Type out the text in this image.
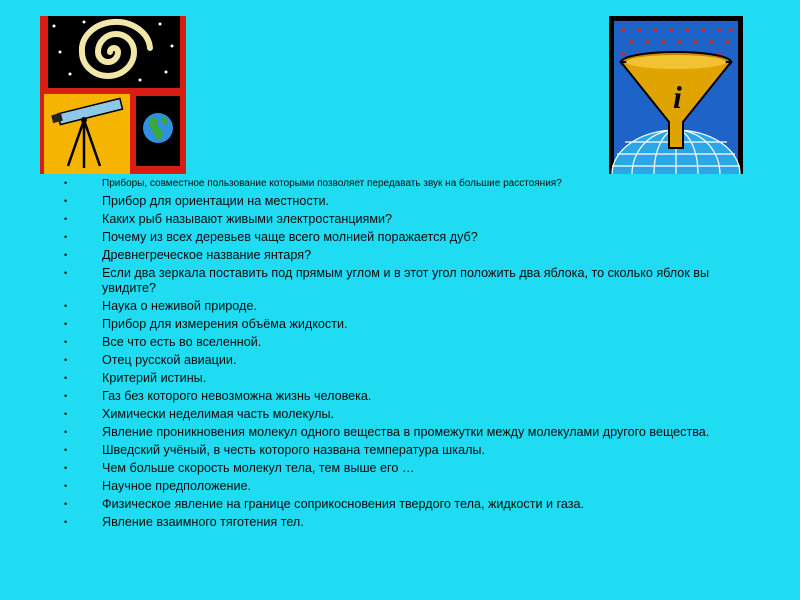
i
•	Приборы, совместное пользование которыми позволяет передавать звук на большие расстояния?
•	Прибор для ориентации на местности.
•	Каких рыб называют живыми электростанциями?
•	Почему из всех деревьев чаще всего молнией поражается дуб?
•	Древнегреческое название янтаря?
•	Если два зеркала поставить под прямым углом и в этот угол положить два яблока, то сколько яблок вы увидите?
•	Наука о неживой природе.
•	Прибор для измерения объёма жидкости.
•	Все что есть во вселенной.
•	Отец русской авиации.
•	Критерий истины.
•	Газ без которого невозможна жизнь человека.
•	Химически неделимая часть молекулы.
•	Явление проникновения молекул одного вещества в промежутки между молекулами другого вещества.
•	Шведский учёный, в честь которого названа температура шкалы.
•	Чем больше скорость молекул тела, тем выше его …
•	Научное предположение.
•	Физическое явление на границе соприкосновения твердого тела, жидкости и газа.
•	Явление взаимного тяготения тел.
